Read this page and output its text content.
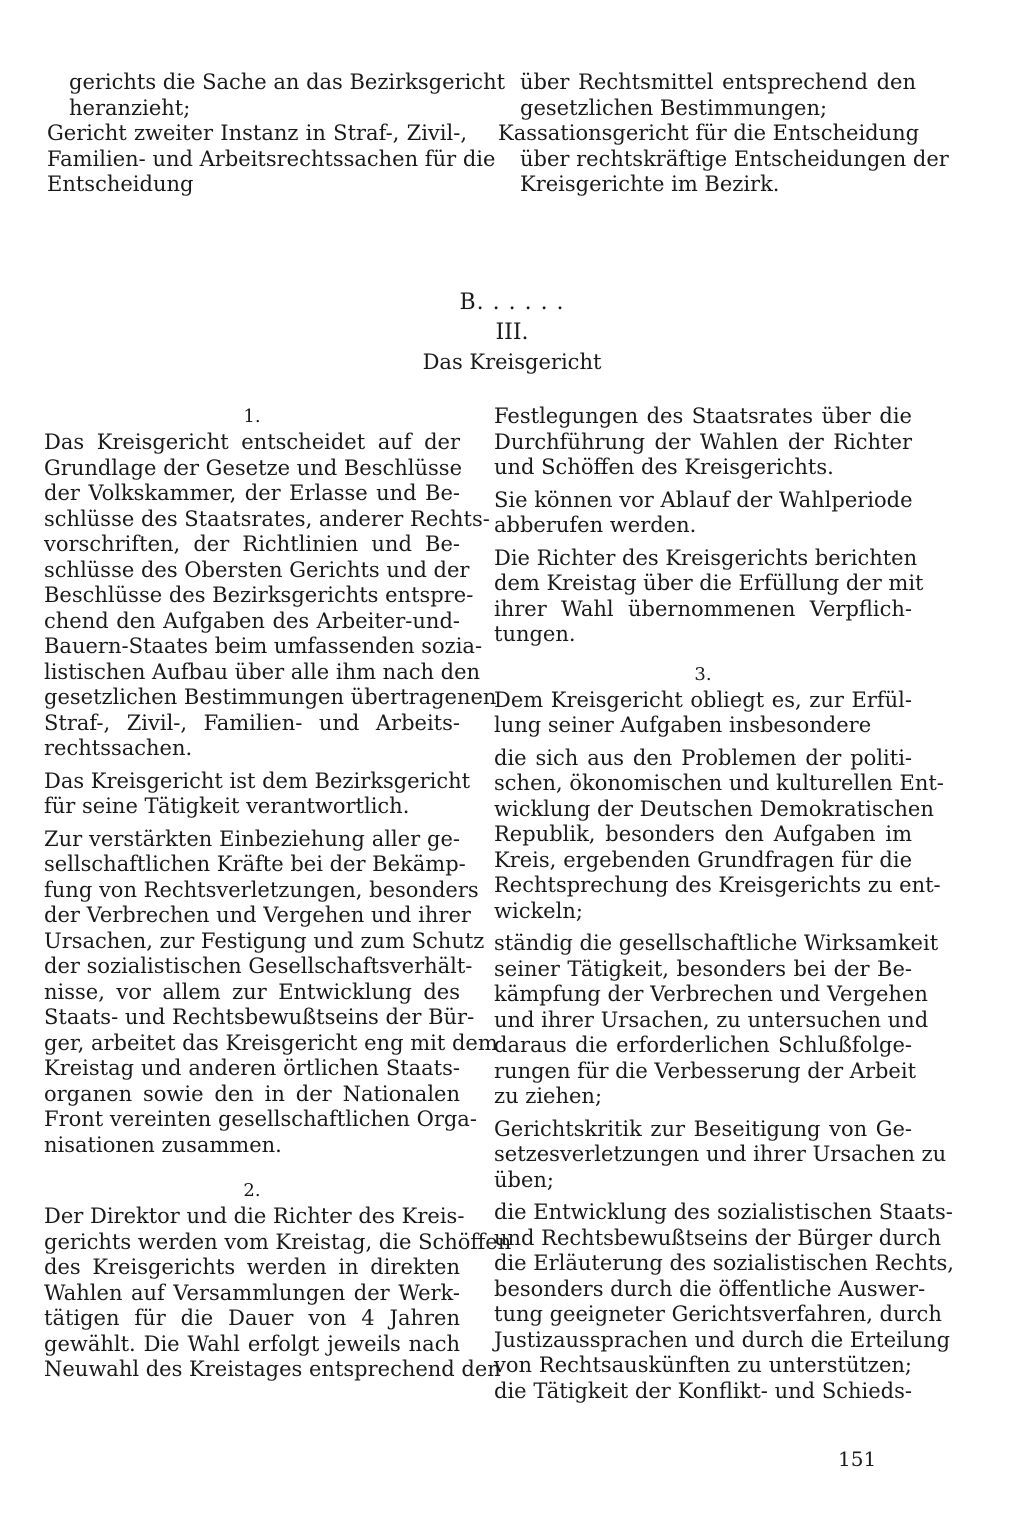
gerichts die Sache an das Bezirksgericht
heranzieht;
Gericht zweiter Instanz in Straf-, Zivil-,
Familien- und Arbeitsrechtssachen für die
Entscheidung
über Rechtsmittel entsprechend den
gesetzlichen Bestimmungen;
Kassationsgericht für die Entscheidung
über rechtskräftige Entscheidungen der
Kreisgerichte im Bezirk.
B. . . . . .
III.
Das Kreisgericht
1.
Das Kreisgericht entscheidet auf der
Grundlage der Gesetze und Beschlüsse
der Volkskammer, der Erlasse und Be-
schlüsse des Staatsrates, anderer Rechts-
vorschriften, der Richtlinien und Be-
schlüsse des Obersten Gerichts und der
Beschlüsse des Bezirksgerichts entspre-
chend den Aufgaben des Arbeiter-und-
Bauern-Staates beim umfassenden sozia-
listischen Aufbau über alle ihm nach den
gesetzlichen Bestimmungen übertragenen
Straf-, Zivil-, Familien- und Arbeits-
rechtssachen.
Das Kreisgericht ist dem Bezirksgericht
für seine Tätigkeit verantwortlich.
Zur verstärkten Einbeziehung aller ge-
sellschaftlichen Kräfte bei der Bekämp-
fung von Rechtsverletzungen, besonders
der Verbrechen und Vergehen und ihrer
Ursachen, zur Festigung und zum Schutz
der sozialistischen Gesellschaftsverhält-
nisse, vor allem zur Entwicklung des
Staats- und Rechtsbewußtseins der Bür-
ger, arbeitet das Kreisgericht eng mit dem
Kreistag und anderen örtlichen Staats-
organen sowie den in der Nationalen
Front vereinten gesellschaftlichen Orga-
nisationen zusammen.
2.
Der Direktor und die Richter des Kreis-
gerichts werden vom Kreistag, die Schöffen
des Kreisgerichts werden in direkten
Wahlen auf Versammlungen der Werk-
tätigen für die Dauer von 4 Jahren
gewählt. Die Wahl erfolgt jeweils nach
Neuwahl des Kreistages entsprechend den
Festlegungen des Staatsrates über die
Durchführung der Wahlen der Richter
und Schöffen des Kreisgerichts.
Sie können vor Ablauf der Wahlperiode
abberufen werden.
Die Richter des Kreisgerichts berichten
dem Kreistag über die Erfüllung der mit
ihrer Wahl übernommenen Verpflich-
tungen.
3.
Dem Kreisgericht obliegt es, zur Erfül-
lung seiner Aufgaben insbesondere
die sich aus den Problemen der politi-
schen, ökonomischen und kulturellen Ent-
wicklung der Deutschen Demokratischen
Republik, besonders den Aufgaben im
Kreis, ergebenden Grundfragen für die
Rechtsprechung des Kreisgerichts zu ent-
wickeln;
ständig die gesellschaftliche Wirksamkeit
seiner Tätigkeit, besonders bei der Be-
kämpfung der Verbrechen und Vergehen
und ihrer Ursachen, zu untersuchen und
daraus die erforderlichen Schlußfolge-
rungen für die Verbesserung der Arbeit
zu ziehen;
Gerichtskritik zur Beseitigung von Ge-
setzesverletzungen und ihrer Ursachen zu
üben;
die Entwicklung des sozialistischen Staats-
und Rechtsbewußtseins der Bürger durch
die Erläuterung des sozialistischen Rechts,
besonders durch die öffentliche Auswer-
tung geeigneter Gerichtsverfahren, durch
Justizaussprachen und durch die Erteilung
von Rechtsauskünften zu unterstützen;
die Tätigkeit der Konflikt- und Schieds-
151
